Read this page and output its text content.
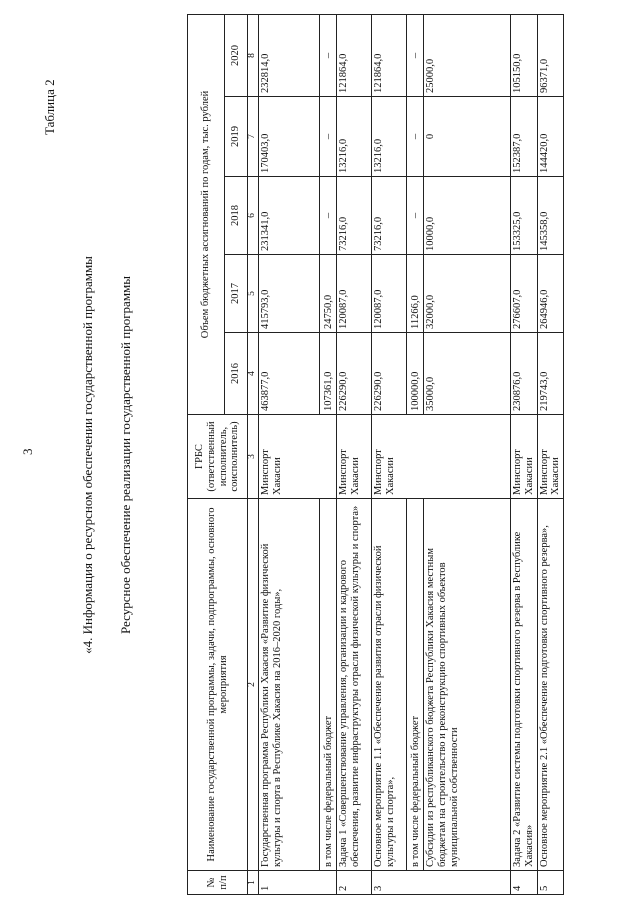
3
Таблица 2
«4. Информация о ресурсном обеспечении государственной программы Ресурсное обеспечение реализации государственной программы
№ п/п	Наименование государственной программы, задачи, подпрограммы, основного мероприятия	ГРБС (ответственный исполнитель, соисполнитель)	Объем бюджетных ассигнований по годам, тыс. рублей				
			2016	2017	2018	2019	2020
1	2	3	4	5	6	7	8
1	Государственная программа Республики Хакасия «Развитие физической культуры и спорта в Республике Хакасия на 2016–2020 годы»,	Минспорт Хакасии	463877,0	415793,0	231341,0	170403,0	232814,0
	в том числе федеральный бюджет		107361,0	24750,0	–	–	–
2	Задача 1 «Совершенствование управления, организации и кадрового обеспечения, развитие инфраструктуры отрасли физической культуры и спорта»	Минспорт Хакасии	226290,0	120087,0	73216,0	13216,0	121864,0
3	Основное мероприятие 1.1 «Обеспечение развития отрасли физической культуры и спорта»,	Минспорт Хакасии	226290,0	120087,0	73216,0	13216,0	121864,0
	в том числе федеральный бюджет		100000,0	11266,0	–	–	–
	Субсидии из республиканского бюджета Республики Хакасия местным бюджетам на строительство и реконструкцию спортивных объектов муниципальной собственности		35000,0	32000,0	10000,0	0	25000,0
4	Задача 2 «Развитие системы подготовки спортивного резерва в Республике Хакасия»	Минспорт Хакасии	230876,0	276607,0	153325,0	152387,0	105150,0
5	Основное мероприятие 2.1 «Обеспечение подготовки спортивного резерва»,	Минспорт Хакасии	219743,0	264946,0	145358,0	144420,0	96371,0
